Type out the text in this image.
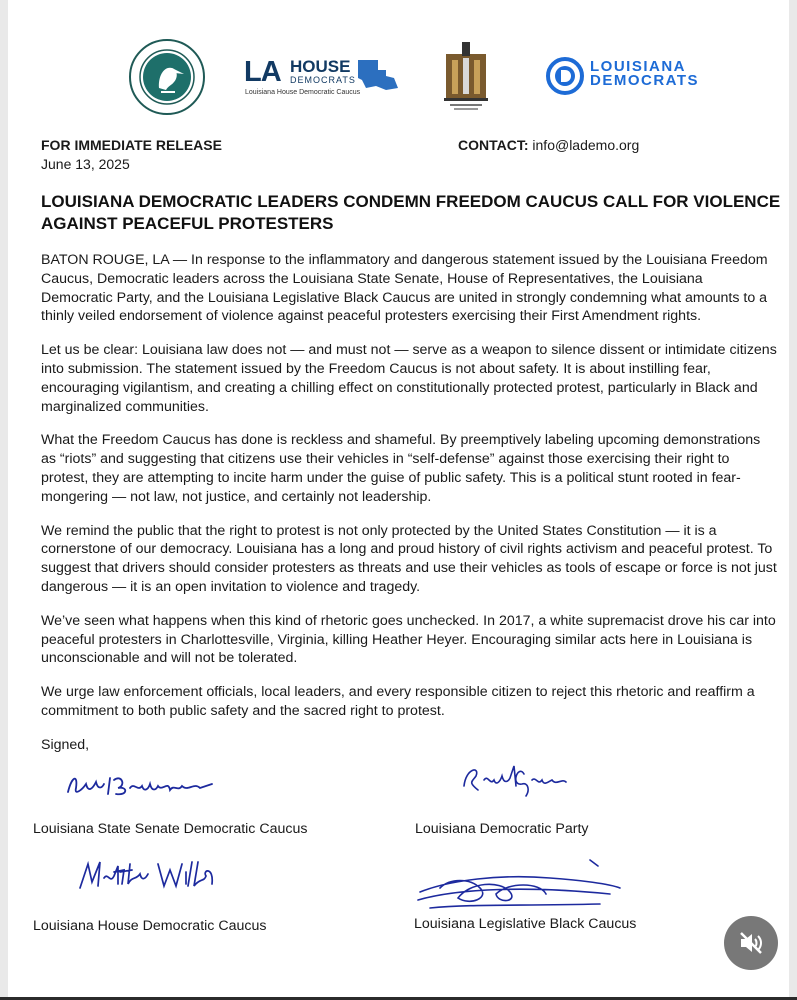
LA HOUSE
DEMOCRATS
Louisiana House Democratic Caucus
LOUISIANA
DEMOCRATS
FOR IMMEDIATE RELEASE
June 13, 2025
CONTACT: info@lademo.org
LOUISIANA DEMOCRATIC LEADERS CONDEMN FREEDOM CAUCUS CALL FOR VIOLENCE AGAINST PEACEFUL PROTESTERS

BATON ROUGE, LA — In response to the inflammatory and dangerous statement issued by the Louisiana Freedom Caucus, Democratic leaders across the Louisiana State Senate, House of Representatives, the Louisiana Democratic Party, and the Louisiana Legislative Black Caucus are united in strongly condemning what amounts to a thinly veiled endorsement of violence against peaceful protesters exercising their First Amendment rights.

Let us be clear: Louisiana law does not — and must not — serve as a weapon to silence dissent or intimidate citizens into submission. The statement issued by the Freedom Caucus is not about safety. It is about instilling fear, encouraging vigilantism, and creating a chilling effect on constitutionally protected protest, particularly in Black and marginalized communities.

What the Freedom Caucus has done is reckless and shameful. By preemptively labeling upcoming demonstrations as “riots” and suggesting that citizens use their vehicles in “self-defense” against those exercising their right to protest, they are attempting to incite harm under the guise of public safety. This is a political stunt rooted in fear-mongering — not law, not justice, and certainly not leadership.

We remind the public that the right to protest is not only protected by the United States Constitution — it is a cornerstone of our democracy. Louisiana has a long and proud history of civil rights activism and peaceful protest. To suggest that drivers should consider protesters as threats and use their vehicles as tools of escape or force is not just dangerous — it is an open invitation to violence and tragedy.

We’ve seen what happens when this kind of rhetoric goes unchecked. In 2017, a white supremacist drove his car into peaceful protesters in Charlottesville, Virginia, killing Heather Heyer. Encouraging similar acts here in Louisiana is unconscionable and will not be tolerated.

We urge law enforcement officials, local leaders, and every responsible citizen to reject this rhetoric and reaffirm a commitment to both public safety and the sacred right to protest.

Signed,
Louisiana State Senate Democratic Caucus	Louisiana Democratic Party
Louisiana House Democratic Caucus	Louisiana Legislative Black Caucus
